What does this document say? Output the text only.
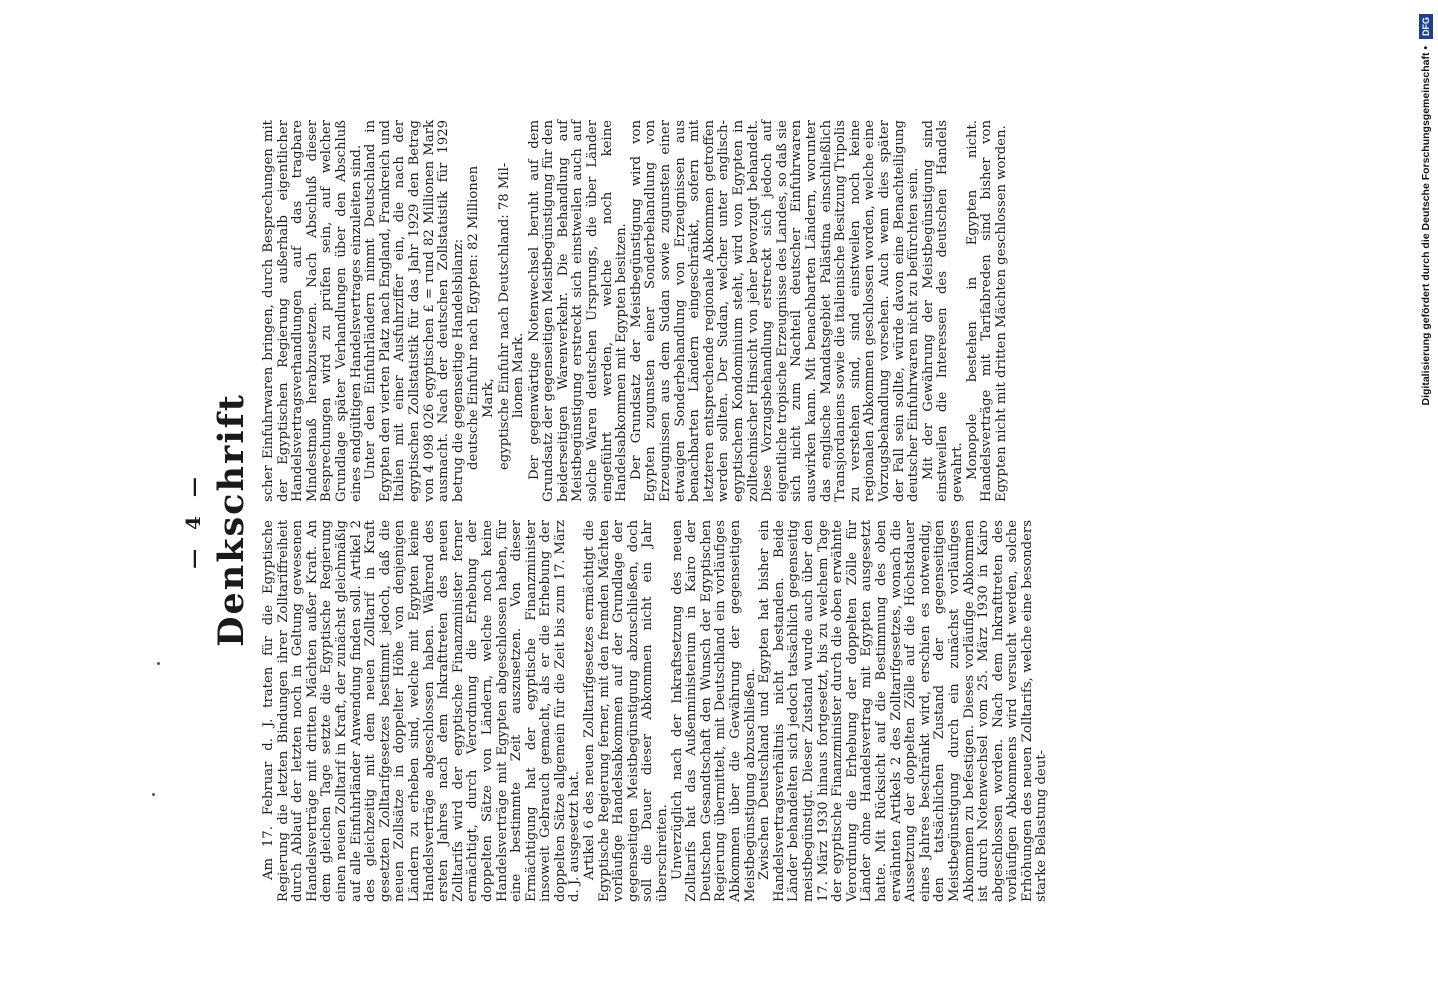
— 4 — Denkschrift Am 17. Februar d. J. traten für die Egyptische Regierung die letzten Bindungen ihrer Zolltariffreiheit durch Ablauf der letzten noch in Geltung gewesenen Handelsverträge mit dritten Mächten außer Kraft. An dem gleichen Tage setzte die Egyptische Regierung einen neuen Zolltarif in Kraft, der zunächst gleichmäßig auf alle Einfuhrländer Anwendung finden soll. Artikel 2 des gleichzeitig mit dem neuen Zolltarif in Kraft gesetzten Zolltarifgesetzes bestimmt jedoch, daß die neuen Zollsätze in doppelter Höhe von denjenigen Ländern zu erheben sind, welche mit Egypten keine Handelsverträge abgeschlossen haben. Während des ersten Jahres nach dem Inkrafttreten des neuen Zolltarifs wird der egyptische Finanzminister ferner ermächtigt, durch Verordnung die Erhebung der doppelten Sätze von Ländern, welche noch keine Handelsverträge mit Egypten abgeschlossen haben, für eine bestimmte Zeit auszusetzen. Von dieser Ermächtigung hat der egyptische Finanzminister insoweit Gebrauch gemacht, als er die Erhebung der doppelten Sätze allgemein für die Zeit bis zum 17. März d. J. ausgesetzt hat. Artikel 6 des neuen Zolltarifgesetzes ermächtigt die Egyptische Regierung ferner, mit den fremden Mächten vorläufige Handelsabkommen auf der Grundlage der gegenseitigen Meistbegünstigung abzuschließen, doch soll die Dauer dieser Abkommen nicht ein Jahr überschreiten. Unverzüglich nach der Inkraftsetzung des neuen Zolltarifs hat das Außenministerium in Kairo der Deutschen Gesandtschaft den Wunsch der Egyptischen Regierung übermittelt, mit Deutschland ein vorläufiges Abkommen über die Gewährung der gegenseitigen Meistbegünstigung abzuschließen. Zwischen Deutschland und Egypten hat bisher ein Handelsvertragsverhältnis nicht bestanden. Beide Länder behandelten sich jedoch tatsächlich gegenseitig meistbegünstigt. Dieser Zustand wurde auch über den 17. März 1930 hinaus fortgesetzt, bis zu welchem Tage der egyptische Finanzminister durch die oben erwähnte Verordnung die Erhebung der doppelten Zölle für Länder ohne Handelsvertrag mit Egypten ausgesetzt hatte. Mit Rücksicht auf die Bestimmung des oben erwähnten Artikels 2 des Zolltarifgesetzes, wonach die Aussetzung der doppelten Zölle auf die Höchstdauer eines Jahres beschränkt wird, erschien es notwendig, den tatsächlichen Zustand der gegenseitigen Meistbegünstigung durch ein zunächst vorläufiges Abkommen zu befestigen. Dieses vorläufige Abkommen ist durch Notenwechsel vom 25. März 1930 in Kairo abgeschlossen worden. Nach dem Inkrafttreten des vorläufigen Abkommens wird versucht werden, solche Erhöhungen des neuen Zolltarifs, welche eine besonders starke Belastung deut-

scher Einfuhrwaren bringen, durch Besprechungen mit der Egyptischen Regierung außerhalb eigentlicher Handelsvertragsverhandlungen auf das tragbare Mindestmaß herabzusetzen. Nach Abschluß dieser Besprechungen wird zu prüfen sein, auf welcher Grundlage später Verhandlungen über den Abschluß eines endgültigen Handelsvertrages einzuleiten sind. Unter den Einfuhrländern nimmt Deutschland in Egypten den vierten Platz nach England, Frankreich und Italien mit einer Ausfuhrziffer ein, die nach der egyptischen Zollstatistik für das Jahr 1929 den Betrag von 4 098 026 egyptischen £ = rund 82 Millionen Mark ausmacht. Nach der deutschen Zollstatistik für 1929 betrug die gegenseitige Handelsbilanz: deutsche Einfuhr nach Egypten: 82 Millionen Mark, egyptische Einfuhr nach Deutschland: 78 Mil- lionen Mark. Der gegenwärtige Notenwechsel beruht auf dem Grundsatz der gegenseitigen Meistbegünstigung für den beiderseitigen Warenverkehr. Die Behandlung auf Meistbegünstigung erstreckt sich einstweilen auch auf solche Waren deutschen Ursprungs, die über Länder eingeführt werden, welche noch keine Handelsabkommen mit Egypten besitzen. Der Grundsatz der Meistbegünstigung wird von Egypten zugunsten einer Sonderbehandlung von Erzeugnissen aus dem Sudan sowie zugunsten einer etwaigen Sonderbehandlung von Erzeugnissen aus benachbarten Ländern eingeschränkt, sofern mit letzteren entsprechende regionale Abkommen getroffen werden sollten. Der Sudan, welcher unter englisch-egyptischem Kondominium steht, wird von Egypten in zolltechnischer Hinsicht von jeher bevorzugt behandelt. Diese Vorzugsbehandlung erstreckt sich jedoch auf eigentliche tropische Erzeugnisse des Landes, so daß sie sich nicht zum Nachteil deutscher Einfuhrwaren auswirken kann. Mit benachbarten Ländern, worunter das englische Mandatsgebiet Palästina einschließlich Transjordaniens sowie die italienische Besitzung Tripolis zu verstehen sind, sind einstweilen noch keine regionalen Abkommen geschlossen worden, welche eine Vorzugsbehandlung vorsehen. Auch wenn dies später der Fall sein sollte, würde davon eine Benachteiligung deutscher Einfuhrwaren nicht zu befürchten sein. Mit der Gewährung der Meistbegünstigung sind einstweilen die Interessen des deutschen Handels gewahrt. Monopole bestehen in Egypten nicht. Handelsverträge mit Tarifabreden sind bisher von Egypten nicht mit dritten Mächten geschlossen worden.	Digitalisierung gefördert durch die Deutsche Forschungsgemeinschaft • DFG
